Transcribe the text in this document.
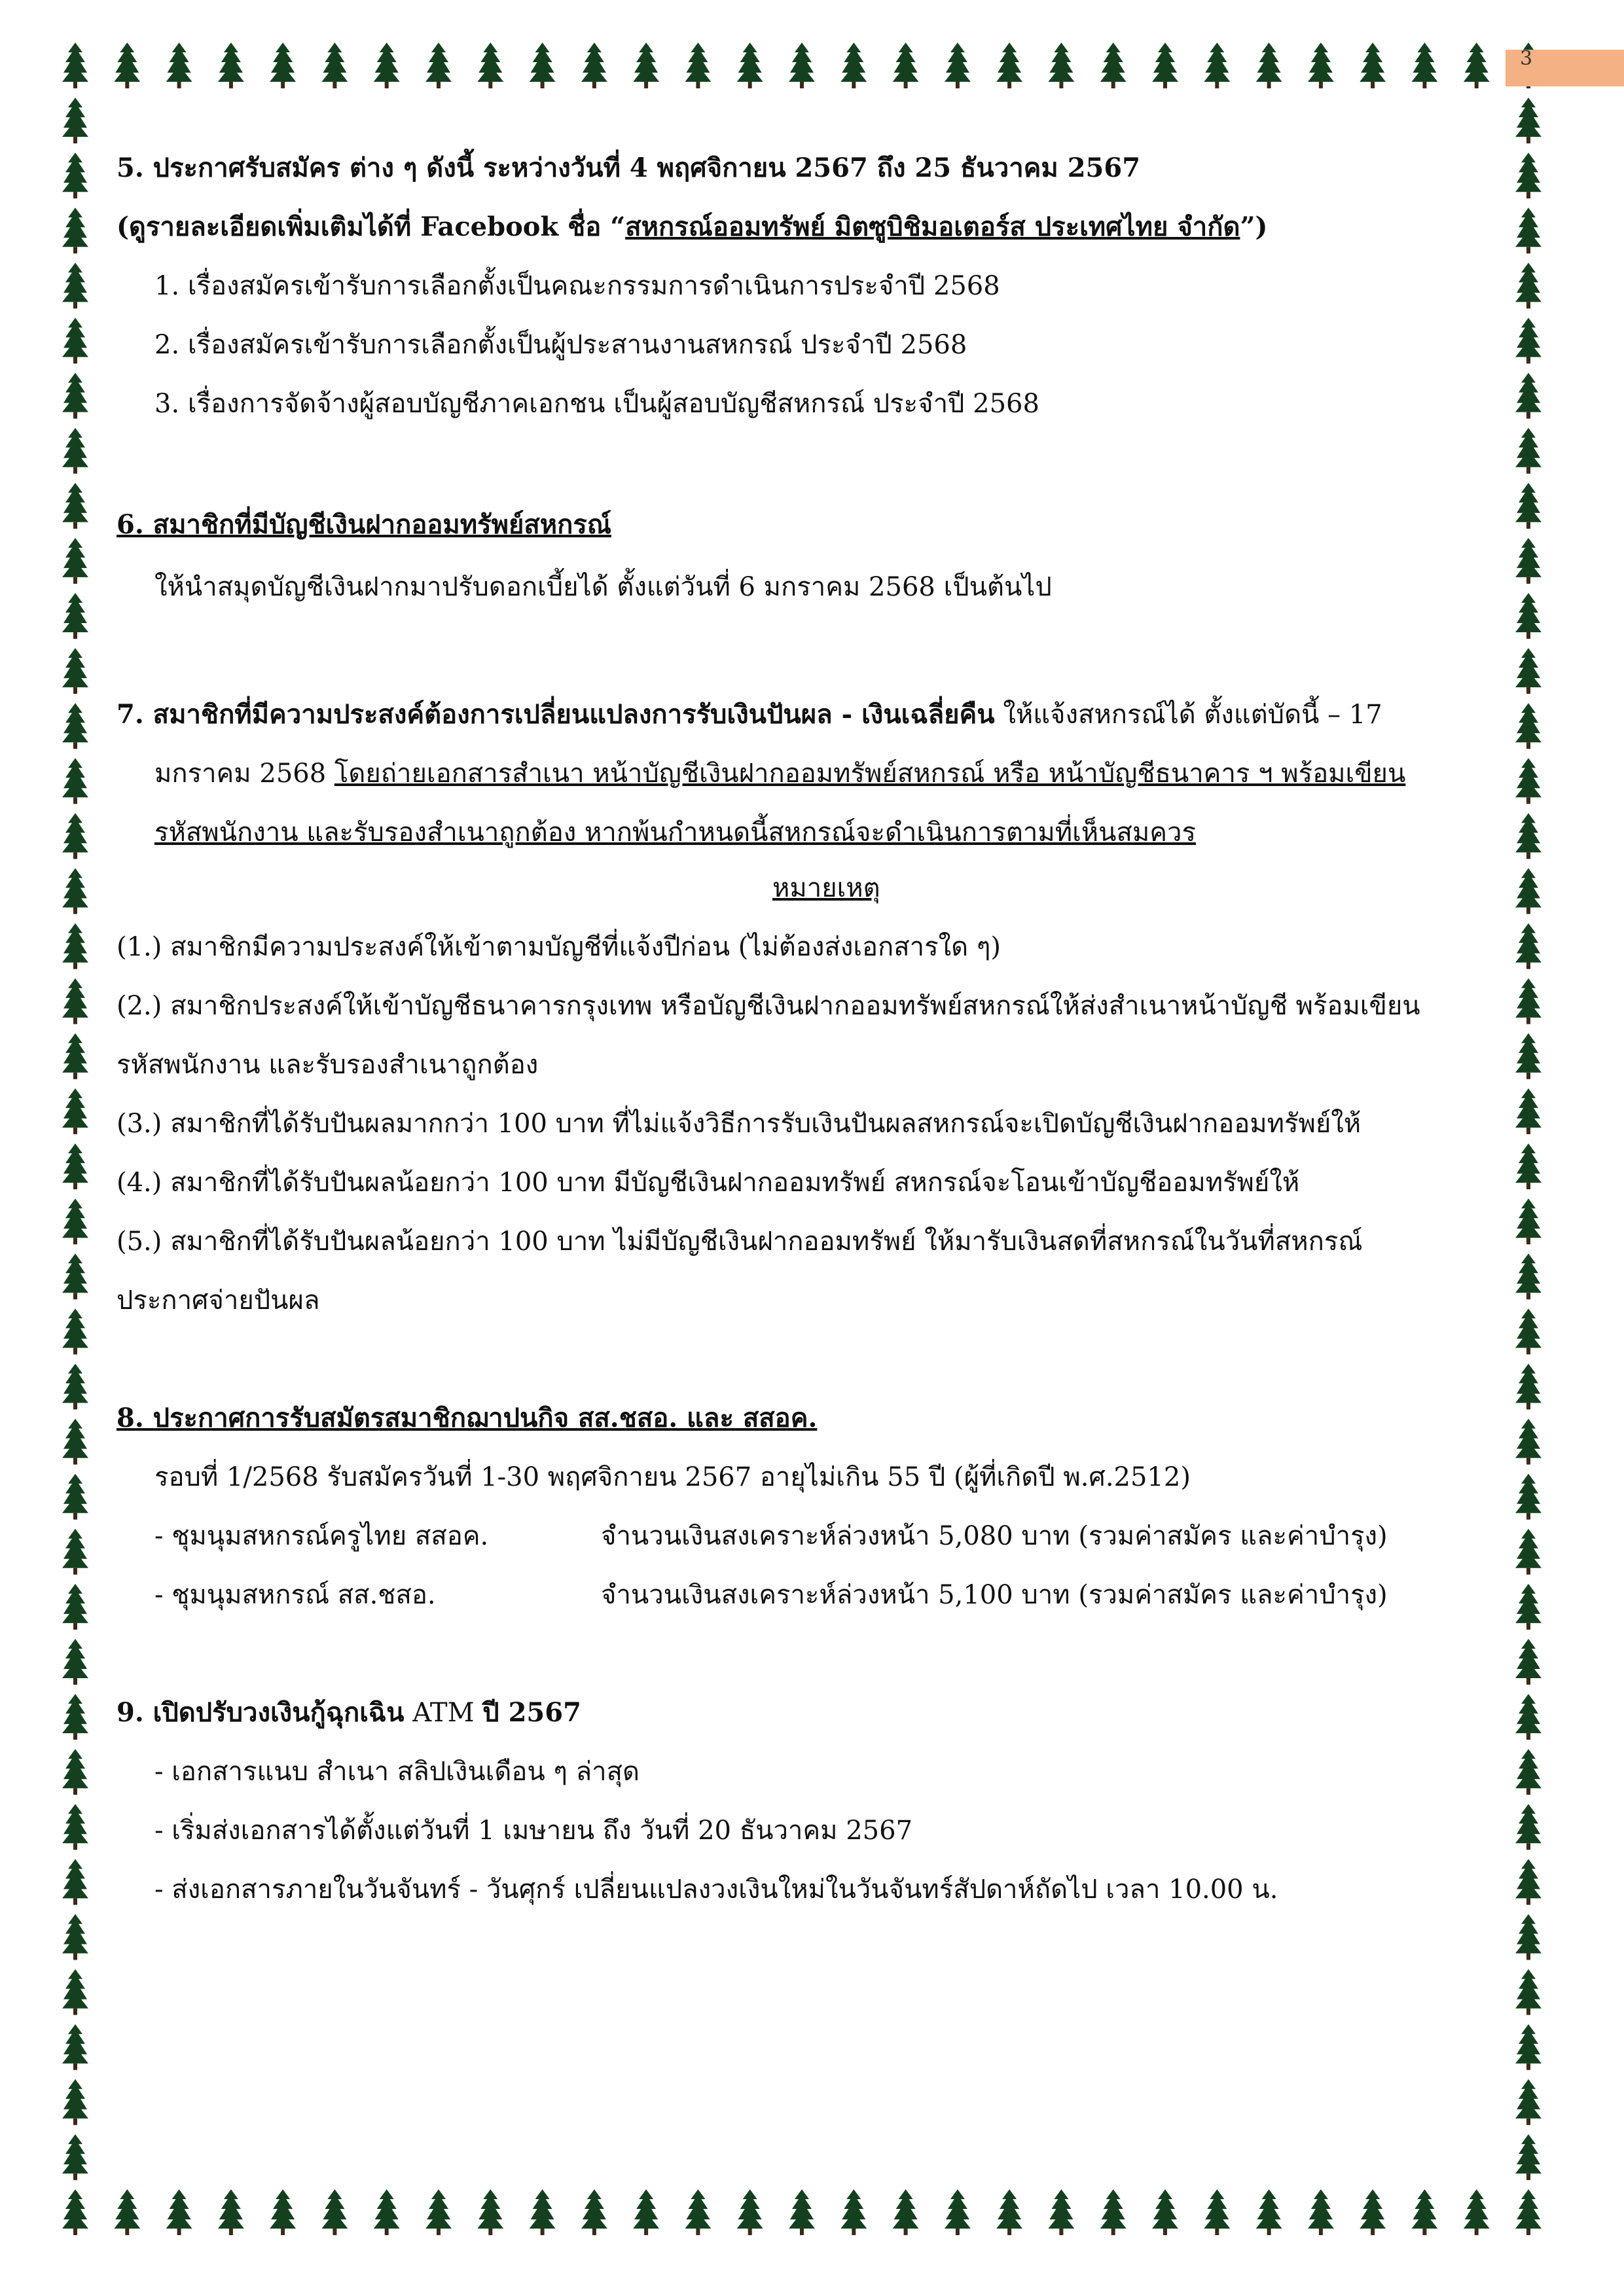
3
5. ประกาศรับสมัคร ต่าง ๆ ดังนี้ ระหว่างวันที่ 4 พฤศจิกายน 2567 ถึง 25 ธันวาคม 2567
(ดูรายละเอียดเพิ่มเติมได้ที่ Facebook ชื่อ “สหกรณ์ออมทรัพย์ มิตซูบิชิมอเตอร์ส ประเทศไทย จำกัด”)
1. เรื่องสมัครเข้ารับการเลือกตั้งเป็นคณะกรรมการดำเนินการประจำปี 2568
2. เรื่องสมัครเข้ารับการเลือกตั้งเป็นผู้ประสานงานสหกรณ์ ประจำปี 2568
3. เรื่องการจัดจ้างผู้สอบบัญชีภาคเอกชน เป็นผู้สอบบัญชีสหกรณ์ ประจำปี 2568
6. สมาชิกที่มีบัญชีเงินฝากออมทรัพย์สหกรณ์
ให้นำสมุดบัญชีเงินฝากมาปรับดอกเบี้ยได้ ตั้งแต่วันที่ 6 มกราคม 2568 เป็นต้นไป
7. สมาชิกที่มีความประสงค์ต้องการเปลี่ยนแปลงการรับเงินปันผล - เงินเฉลี่ยคืน ให้แจ้งสหกรณ์ได้ ตั้งแต่บัดนี้ – 17
มกราคม 2568 โดยถ่ายเอกสารสำเนา หน้าบัญชีเงินฝากออมทรัพย์สหกรณ์ หรือ หน้าบัญชีธนาคาร ฯ พร้อมเขียน
รหัสพนักงาน และรับรองสำเนาถูกต้อง หากพ้นกำหนดนี้สหกรณ์จะดำเนินการตามที่เห็นสมควร
หมายเหตุ
(1.) สมาชิกมีความประสงค์ให้เข้าตามบัญชีที่แจ้งปีก่อน (ไม่ต้องส่งเอกสารใด ๆ)
(2.) สมาชิกประสงค์ให้เข้าบัญชีธนาคารกรุงเทพ หรือบัญชีเงินฝากออมทรัพย์สหกรณ์ให้ส่งสำเนาหน้าบัญชี พร้อมเขียน
รหัสพนักงาน และรับรองสำเนาถูกต้อง
(3.) สมาชิกที่ได้รับปันผลมากกว่า 100 บาท ที่ไม่แจ้งวิธีการรับเงินปันผลสหกรณ์จะเปิดบัญชีเงินฝากออมทรัพย์ให้
(4.) สมาชิกที่ได้รับปันผลน้อยกว่า 100 บาท มีบัญชีเงินฝากออมทรัพย์ สหกรณ์จะโอนเข้าบัญชีออมทรัพย์ให้
(5.) สมาชิกที่ได้รับปันผลน้อยกว่า 100 บาท ไม่มีบัญชีเงินฝากออมทรัพย์ ให้มารับเงินสดที่สหกรณ์ในวันที่สหกรณ์
ประกาศจ่ายปันผล
8. ประกาศการรับสมัตรสมาชิกฌาปนกิจ สส.ชสอ. และ สสอค.
รอบที่ 1/2568 รับสมัครวันที่ 1-30 พฤศจิกายน 2567 อายุไม่เกิน 55 ปี (ผู้ที่เกิดปี พ.ศ.2512)
- ชุมนุมสหกรณ์ครูไทย สสอค.	จำนวนเงินสงเคราะห์ล่วงหน้า 5,080 บาท (รวมค่าสมัคร และค่าบำรุง)
- ชุมนุมสหกรณ์ สส.ชสอ.	จำนวนเงินสงเคราะห์ล่วงหน้า 5,100 บาท (รวมค่าสมัคร และค่าบำรุง)
9. เปิดปรับวงเงินกู้ฉุกเฉิน ATM ปี 2567
- เอกสารแนบ สำเนา สลิปเงินเดือน ๆ ล่าสุด
- เริ่มส่งเอกสารได้ตั้งแต่วันที่ 1 เมษายน ถึง วันที่ 20 ธันวาคม 2567
- ส่งเอกสารภายในวันจันทร์ - วันศุกร์ เปลี่ยนแปลงวงเงินใหม่ในวันจันทร์สัปดาห์ถัดไป เวลา 10.00 น.
